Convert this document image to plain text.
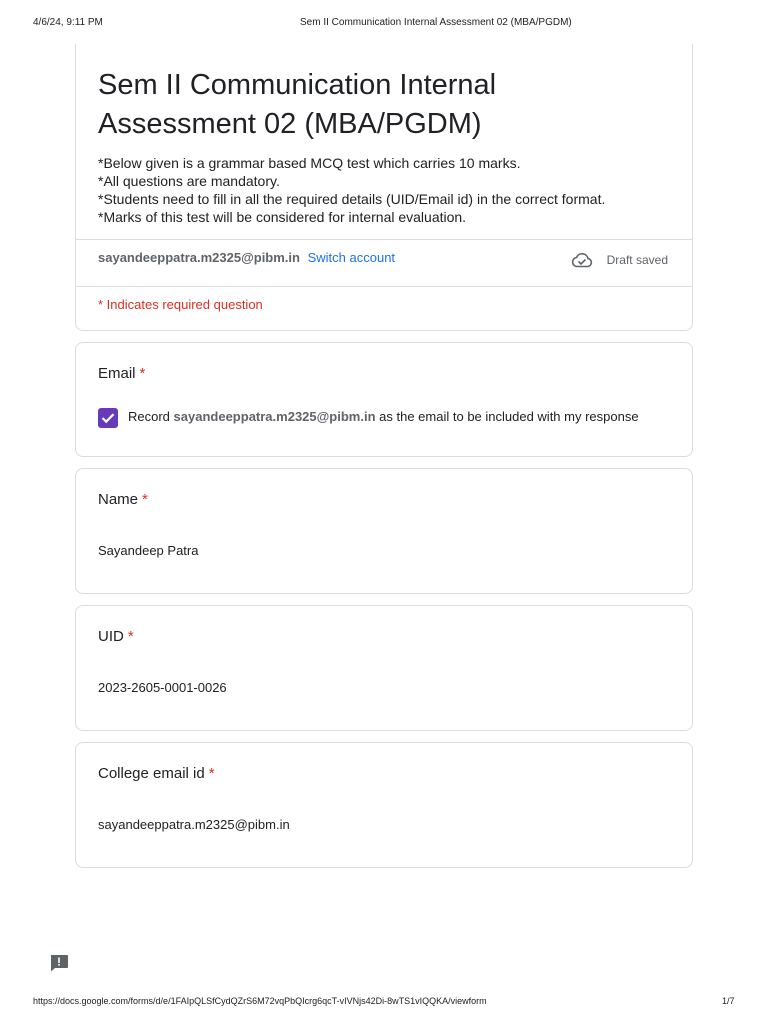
4/6/24, 9:11 PM	Sem II Communication Internal Assessment 02 (MBA/PGDM)
Sem II Communication Internal Assessment 02 (MBA/PGDM)
*Below given is a grammar based MCQ test which carries 10 marks.
*All questions are mandatory.
*Students need to fill in all the required details (UID/Email id) in the correct format.
*Marks of this test will be considered for internal evaluation.
sayandeeppatra.m2325@pibm.in Switch account	Draft saved
* Indicates required question
Email *
Record sayandeeppatra.m2325@pibm.in as the email to be included with my response
Name *
Sayandeep Patra
UID *
2023-2605-0001-0026
College email id *
sayandeeppatra.m2325@pibm.in
https://docs.google.com/forms/d/e/1FAIpQLSfCydQZrS6M72vqPbQIcrg6qcT-vIVNjs42Di-8wTS1vIQQKA/viewform	1/7
